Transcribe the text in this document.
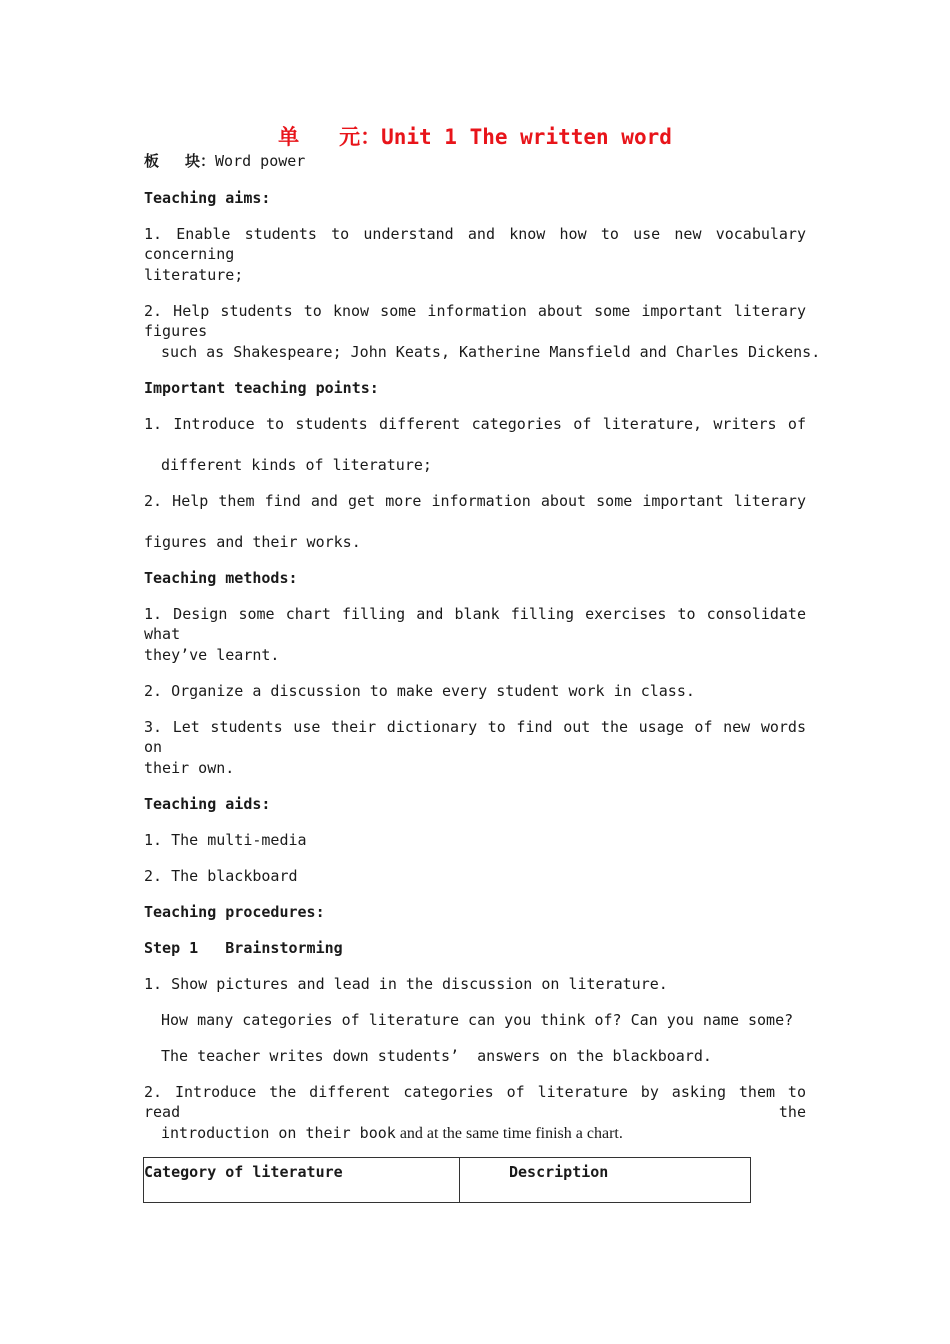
单 元：Unit 1 The written word
板 块：Word power
Teaching aims:
1. Enable students to understand and know how to use new vocabulary concerning
literature;
2. Help students to know some information about some important literary figures
such as Shakespeare; John Keats, Katherine Mansfield and Charles Dickens.
Important teaching points:
1. Introduce to students different categories of literature, writers of
different kinds of literature;
2. Help them find and get more information about some important literary
figures and their works.
Teaching methods:
1. Design some chart filling and blank filling exercises to consolidate what
they’ve learnt.
2. Organize a discussion to make every student work in class.
3. Let students use their dictionary to find out the usage of new words on
their own.
Teaching aids:
1. The multi-media
2. The blackboard
Teaching procedures:
Step 1   Brainstorming
1. Show pictures and lead in the discussion on literature.
How many categories of literature can you think of? Can you name some?
The teacher writes down students’  answers on the blackboard.
2. Introduce the different categories of literature by asking them to read the
introduction on their book and at the same time finish a chart.
Category of literature	Description
